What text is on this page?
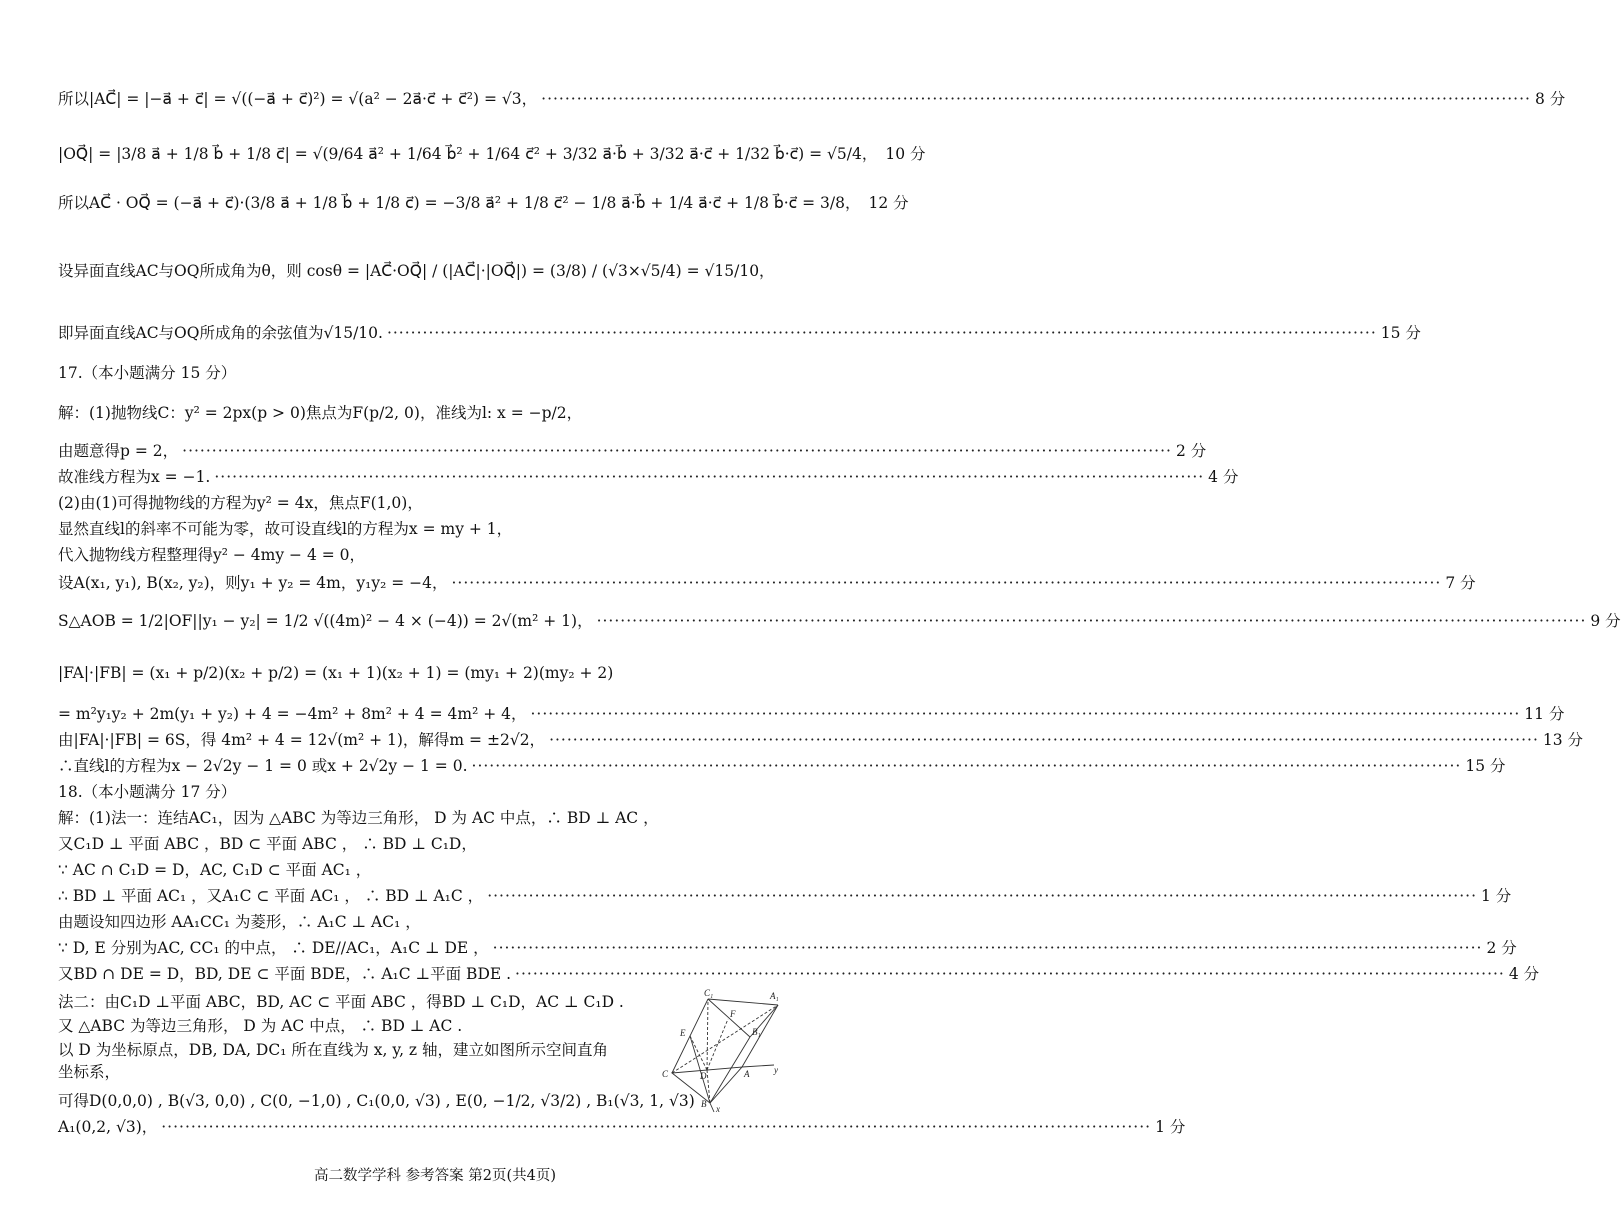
所以|AC⃗| = |−a⃗ + c⃗| = √((−a⃗ + c⃗)²) = √(a² − 2a⃗·c⃗ + c⃗²) = √3， ·····	8 分
|OQ⃗| = |3/8 a⃗ + 1/8 b⃗ + 1/8 c⃗| = √(9/64 a⃗² + 1/64 b⃗² + 1/64 c⃗² + 3/32 a⃗·b⃗ + 3/32 a⃗·c⃗ + 1/32 b⃗·c⃗) = √5/4， 10 分
所以AC⃗ · OQ⃗ = (−a⃗ + c⃗)·(3/8 a⃗ + 1/8 b⃗ + 1/8 c⃗) = −3/8 a⃗² + 1/8 c⃗² − 1/8 a⃗·b⃗ + 1/4 a⃗·c⃗ + 1/8 b⃗·c⃗ = 3/8， 12 分
设异面直线AC与OQ所成角为θ，则 cosθ = |AC⃗·OQ⃗| / (|AC⃗|·|OQ⃗|) = (3/8) / (√3×√5/4) = √15/10，
即异面直线AC与OQ所成角的余弦值为√15/10. ·····	15 分
17.（本小题满分 15 分）
解：(1)抛物线C：y² = 2px(p > 0)焦点为F(p/2, 0)，准线为l: x = −p/2，
由题意得p = 2， ·····	2 分
故准线方程为x = −1. ·····	4 分
(2)由(1)可得抛物线的方程为y² = 4x，焦点F(1,0)，
显然直线l的斜率不可能为零，故可设直线l的方程为x = my + 1，
代入抛物线方程整理得y² − 4my − 4 = 0，
设A(x₁, y₁), B(x₂, y₂)，则y₁ + y₂ = 4m，y₁y₂ = −4， ·····	7 分
S△AOB = 1/2|OF||y₁ − y₂| = 1/2 √((4m)² − 4 × (−4)) = 2√(m² + 1)， ·····	9 分
|FA|·|FB| = (x₁ + p/2)(x₂ + p/2) = (x₁ + 1)(x₂ + 1) = (my₁ + 2)(my₂ + 2)
= m²y₁y₂ + 2m(y₁ + y₂) + 4 = −4m² + 8m² + 4 = 4m² + 4， ·····	11 分
由|FA|·|FB| = 6S，得 4m² + 4 = 12√(m² + 1)，解得m = ±2√2， ·····	13 分
∴直线l的方程为x − 2√2y − 1 = 0 或x + 2√2y − 1 = 0. ·····	15 分
18.（本小题满分 17 分）
解：(1)法一：连结AC₁，因为 △ABC 为等边三角形， D 为 AC 中点，∴ BD ⊥ AC ，
又C₁D ⊥ 平面 ABC ，BD ⊂ 平面 ABC ， ∴ BD ⊥ C₁D，
∵ AC ∩ C₁D = D，AC, C₁D ⊂ 平面 AC₁ ，
∴ BD ⊥ 平面 AC₁ ，又A₁C ⊂ 平面 AC₁ ， ∴ BD ⊥ A₁C ， ·····	1 分
由题设知四边形 AA₁CC₁ 为菱形，∴ A₁C ⊥ AC₁ ，
∵ D, E 分别为AC, CC₁ 的中点， ∴ DE//AC₁，A₁C ⊥ DE ， ·····	2 分
又BD ∩ DE = D，BD, DE ⊂ 平面 BDE，∴ A₁C ⊥平面 BDE . ·····	4 分
法二：由C₁D ⊥平面 ABC，BD, AC ⊂ 平面 ABC ，得BD ⊥ C₁D，AC ⊥ C₁D .
又 △ABC 为等边三角形， D 为 AC 中点， ∴ BD ⊥ AC .
以 D 为坐标原点，DB, DA, DC₁ 所在直线为 x, y, z 轴，建立如图所示空间直角
坐标系，
可得D(0,0,0) , B(√3, 0,0) , C(0, −1,0) , C₁(0,0, √3) , E(0, −1/2, √3/2) , B₁(√3, 1, √3)
A₁(0,2, √3)， ·····	1 分
C₁	A₁
B₁
E
F
C	D	A
B
y
x
高二数学学科 参考答案 第2页(共4页)
